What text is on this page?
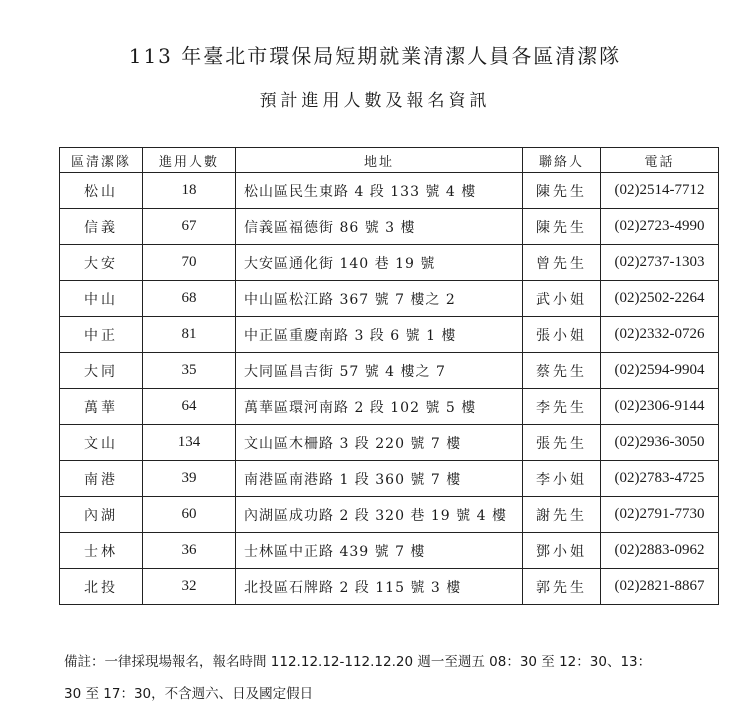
113 年臺北市環保局短期就業清潔人員各區清潔隊
預計進用人數及報名資訊
區清潔隊	進用人數	地址	聯絡人	電話
松山	18	松山區民生東路 4 段 133 號 4 樓	陳先生	(02)2514-7712
信義	67	信義區福德街 86 號 3 樓	陳先生	(02)2723-4990
大安	70	大安區通化街 140 巷 19 號	曾先生	(02)2737-1303
中山	68	中山區松江路 367 號 7 樓之 2	武小姐	(02)2502-2264
中正	81	中正區重慶南路 3 段 6 號 1 樓	張小姐	(02)2332-0726
大同	35	大同區昌吉街 57 號 4 樓之 7	蔡先生	(02)2594-9904
萬華	64	萬華區環河南路 2 段 102 號 5 樓	李先生	(02)2306-9144
文山	134	文山區木柵路 3 段 220 號 7 樓	張先生	(02)2936-3050
南港	39	南港區南港路 1 段 360 號 7 樓	李小姐	(02)2783-4725
內湖	60	內湖區成功路 2 段 320 巷 19 號 4 樓	謝先生	(02)2791-7730
士林	36	士林區中正路 439 號 7 樓	鄧小姐	(02)2883-0962
北投	32	北投區石牌路 2 段 115 號 3 樓	郭先生	(02)2821-8867
備註：一律採現場報名，報名時間 112.12.12-112.12.20 週一至週五 08：30 至 12：30、13：
30 至 17：30，不含週六、日及國定假日
